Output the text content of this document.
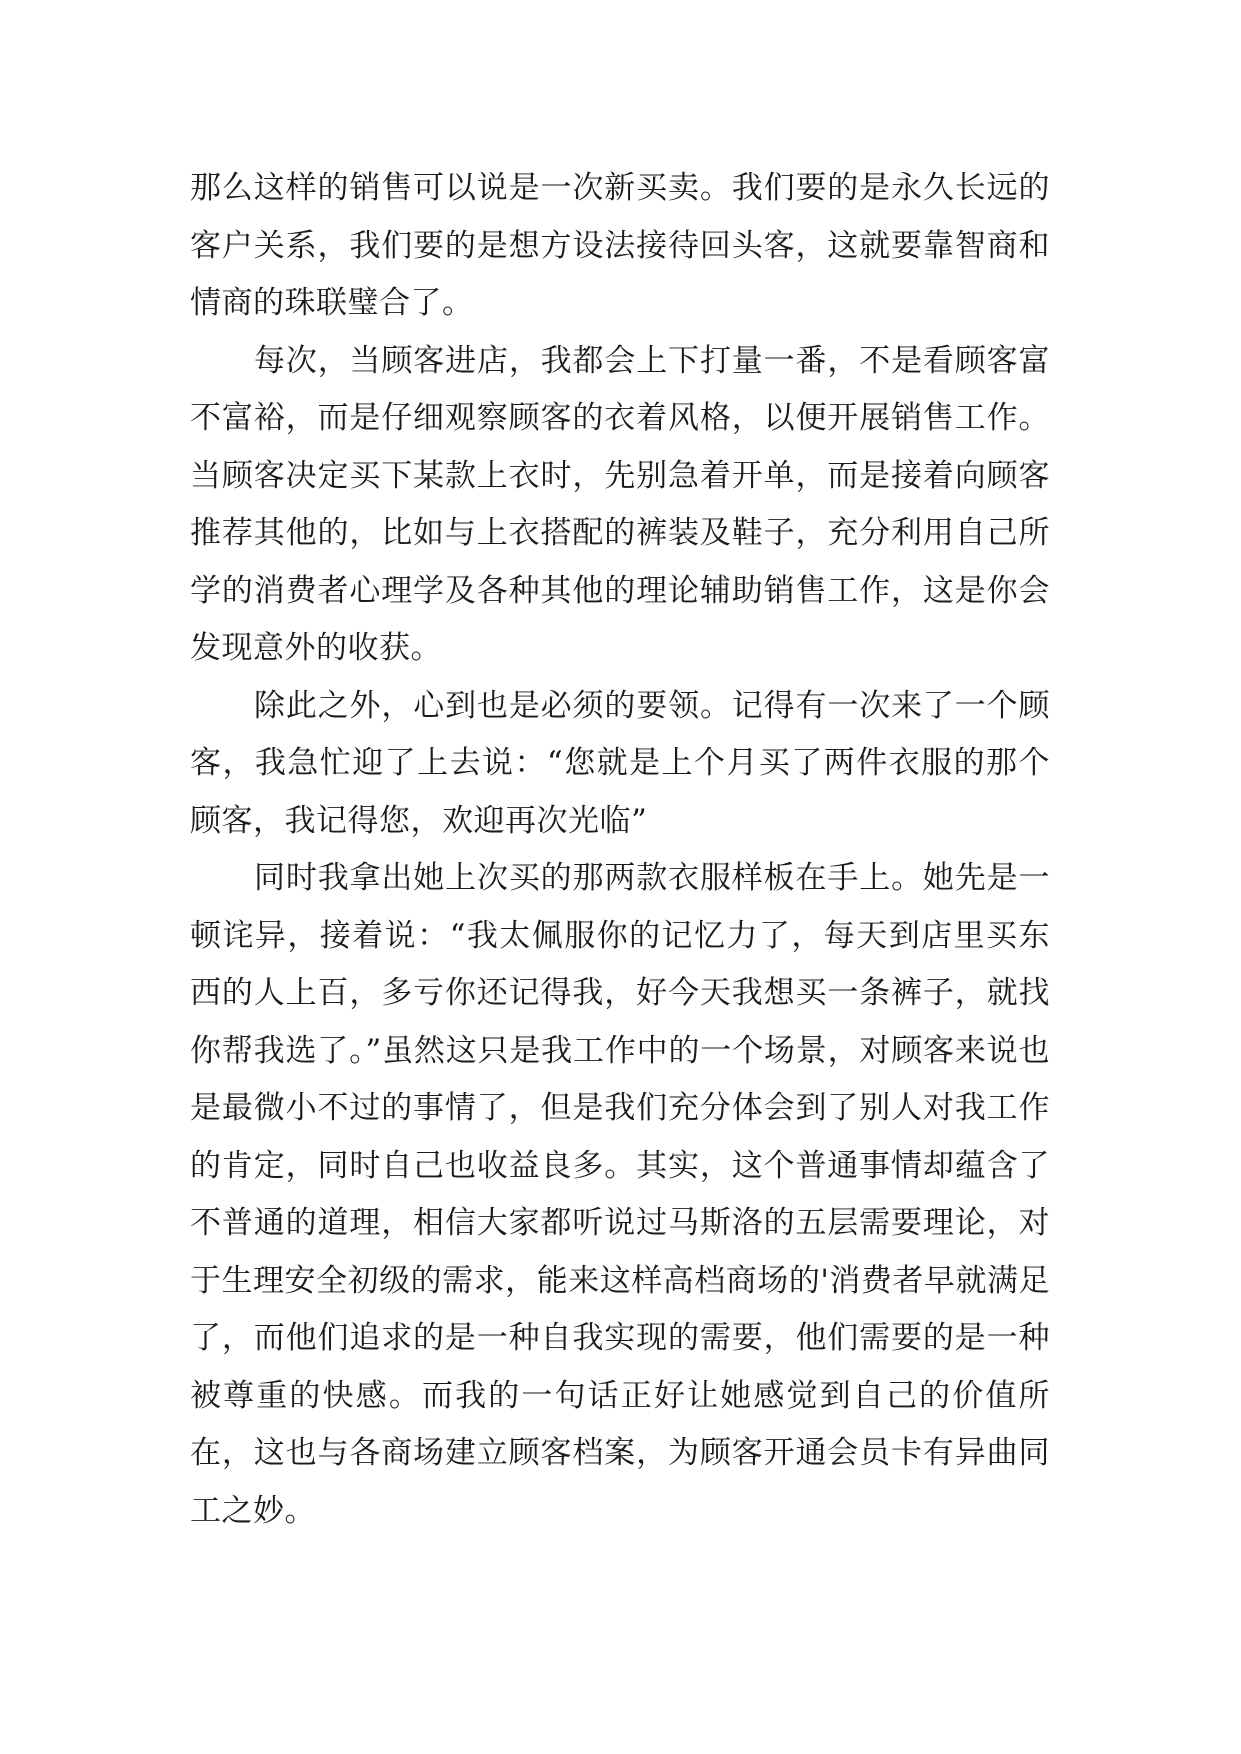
那么这样的销售可以说是一次新买卖。我们要的是永久长远的客户关系，我们要的是想方设法接待回头客，这就要靠智商和情商的珠联璧合了。

每次，当顾客进店，我都会上下打量一番，不是看顾客富不富裕，而是仔细观察顾客的衣着风格，以便开展销售工作。当顾客决定买下某款上衣时，先别急着开单，而是接着向顾客推荐其他的，比如与上衣搭配的裤装及鞋子，充分利用自己所学的消费者心理学及各种其他的理论辅助销售工作，这是你会发现意外的收获。

除此之外，心到也是必须的要领。记得有一次来了一个顾客，我急忙迎了上去说：“您就是上个月买了两件衣服的那个顾客，我记得您，欢迎再次光临”

同时我拿出她上次买的那两款衣服样板在手上。她先是一顿诧异，接着说：“我太佩服你的记忆力了，每天到店里买东西的人上百，多亏你还记得我，好今天我想买一条裤子，就找你帮我选了。”虽然这只是我工作中的一个场景，对顾客来说也是最微小不过的事情了，但是我们充分体会到了别人对我工作的肯定，同时自己也收益良多。其实，这个普通事情却蕴含了不普通的道理，相信大家都听说过马斯洛的五层需要理论，对于生理安全初级的需求，能来这样高档商场的'消费者早就满足了，而他们追求的是一种自我实现的需要，他们需要的是一种被尊重的快感。而我的一句话正好让她感觉到自己的价值所在，这也与各商场建立顾客档案，为顾客开通会员卡有异曲同工之妙。
